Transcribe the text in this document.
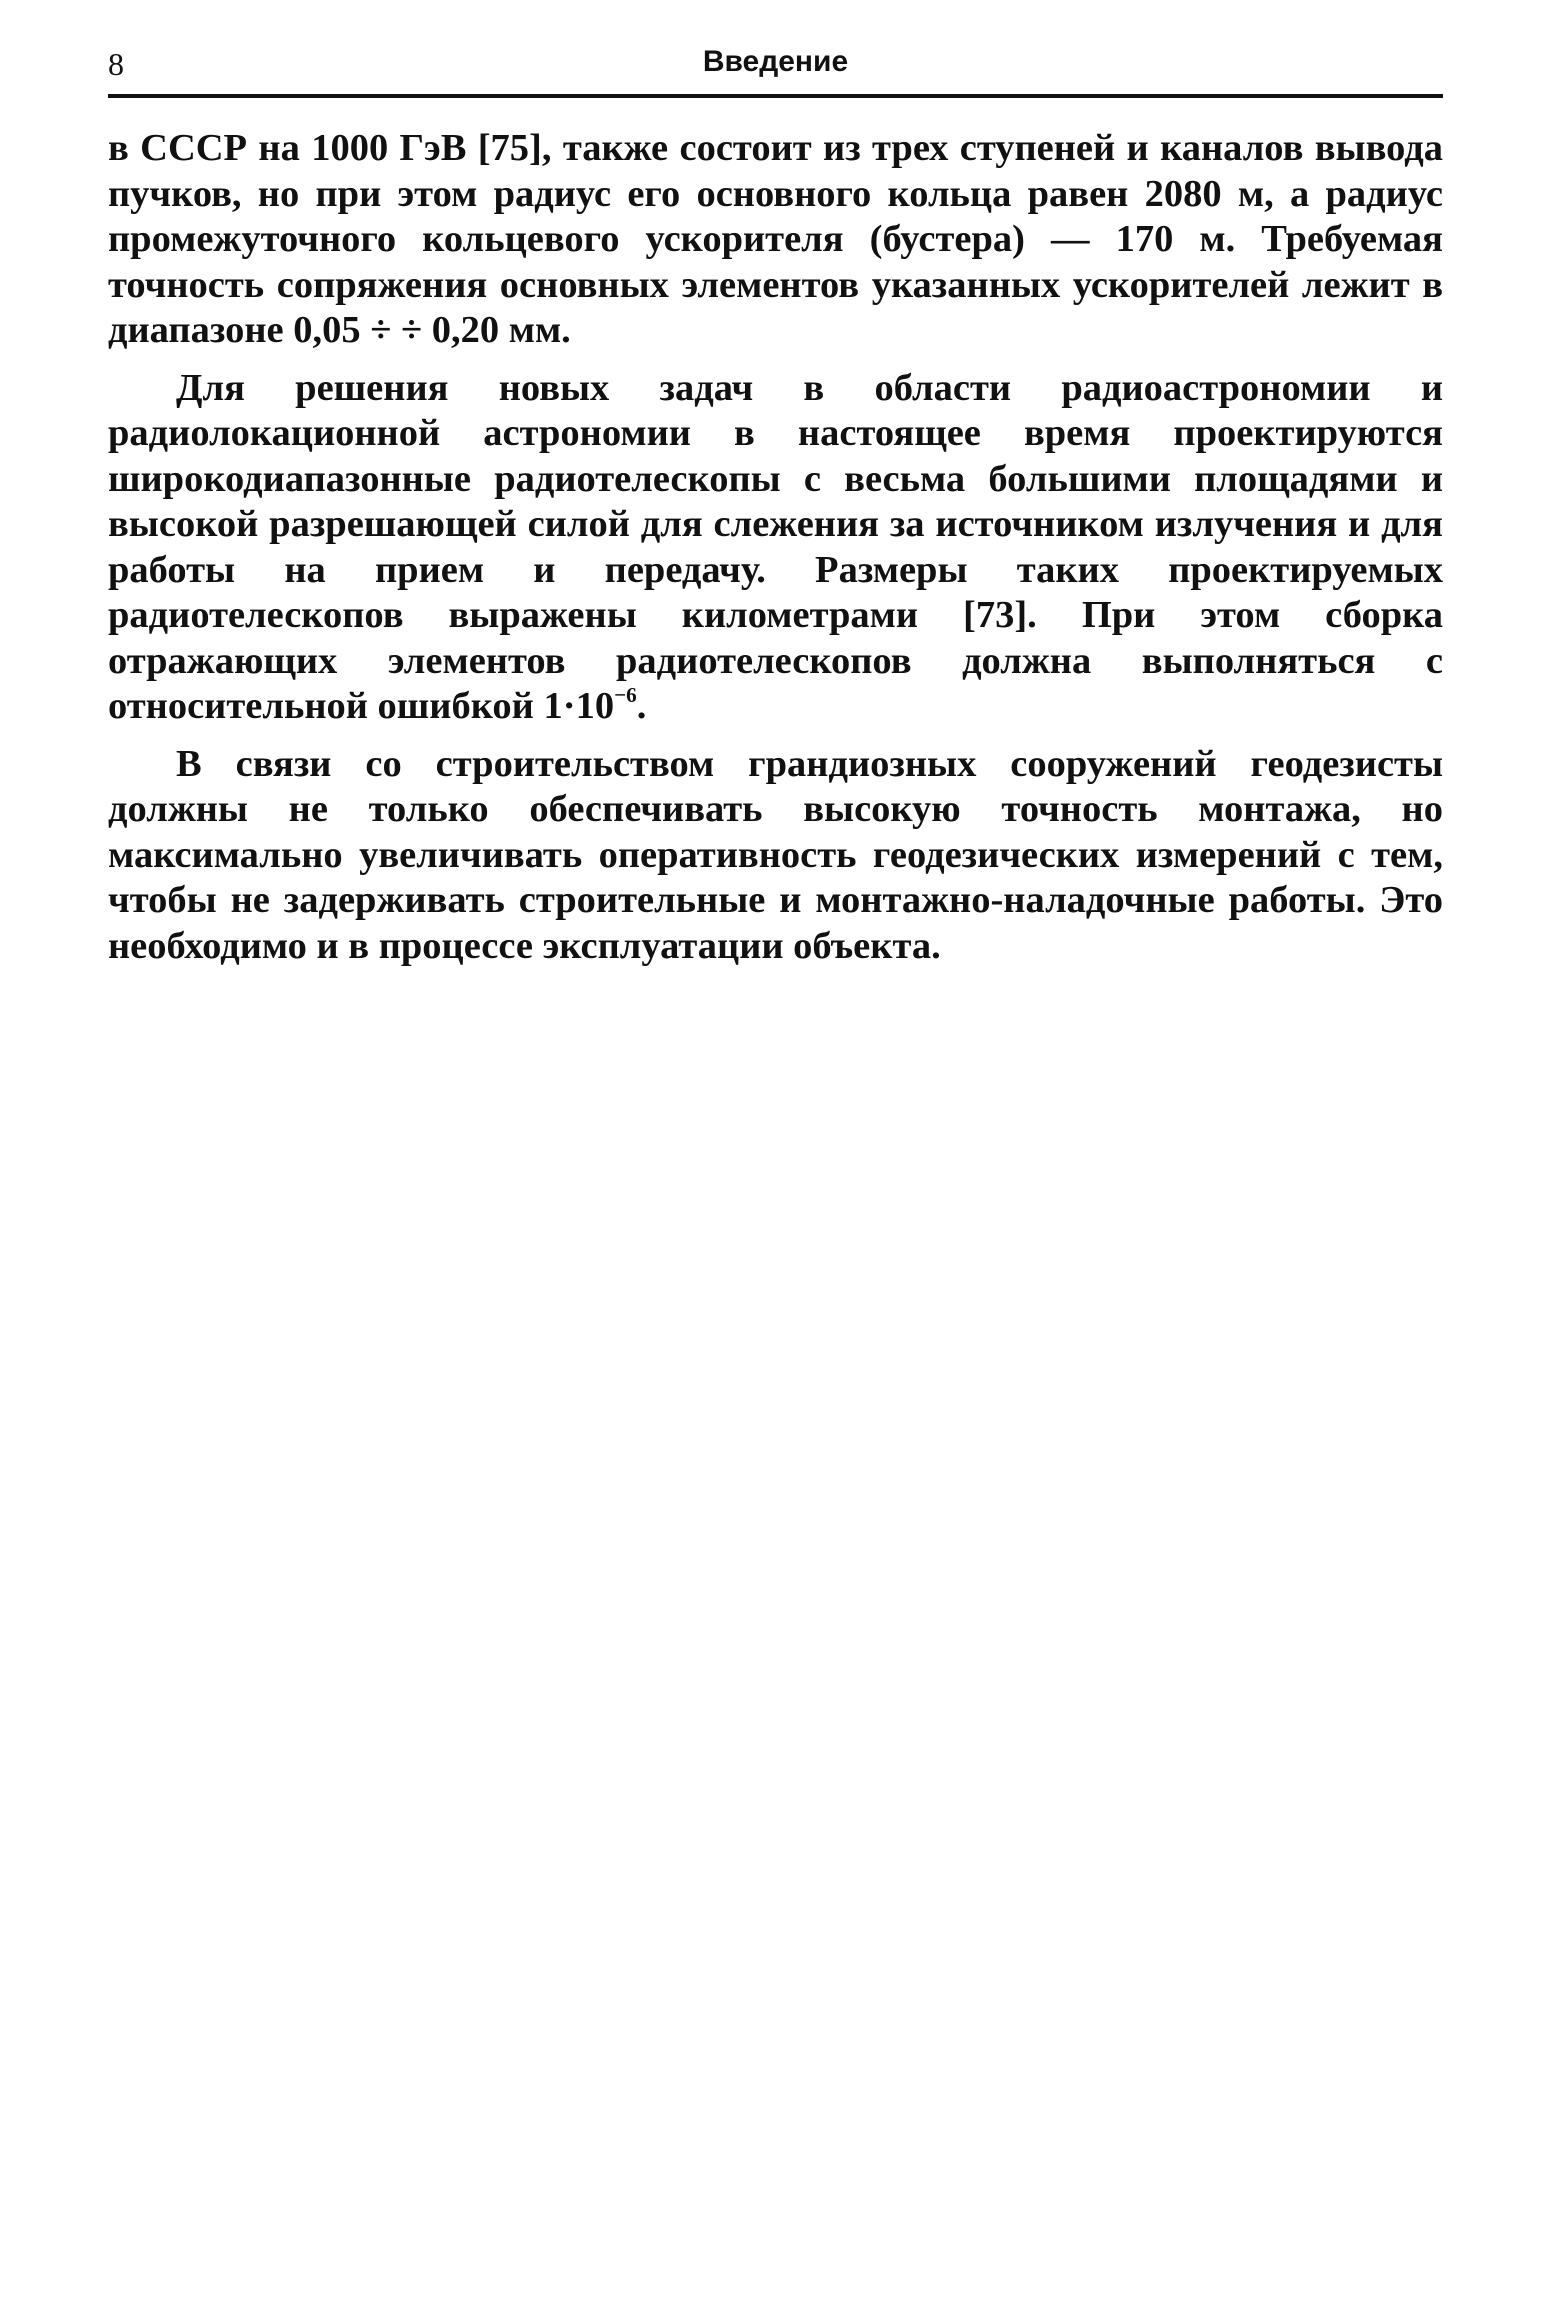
8	Введение

в СССР на 1000 ГэВ [75], также состоит из трех ступеней и каналов вывода пучков, но при этом радиус его основного кольца равен 2080 м, а радиус промежуточного кольцевого ускорителя (бустера) — 170 м. Требуемая точность сопряжения основных элементов указанных ускорителей лежит в диапазоне 0,05 ÷ ÷ 0,20 мм.

Для решения новых задач в области радиоастрономии и радиолокационной астрономии в настоящее время проектируются широкодиапазонные радиотелескопы с весьма большими площадями и высокой разрешающей силой для слежения за источником излучения и для работы на прием и передачу. Размеры таких проектируемых радиотелескопов выражены километрами [73]. При этом сборка отражающих элементов радиотелескопов должна выполняться с относительной ошибкой $1\cdot 10^{-6}$.

В связи со строительством грандиозных сооружений геодезисты должны не только обеспечивать высокую точность монтажа, но максимально увеличивать оперативность геодезических измерений с тем, чтобы не задерживать строительные и монтажно-наладочные работы. Это необходимо и в процессе эксплуатации объекта.
